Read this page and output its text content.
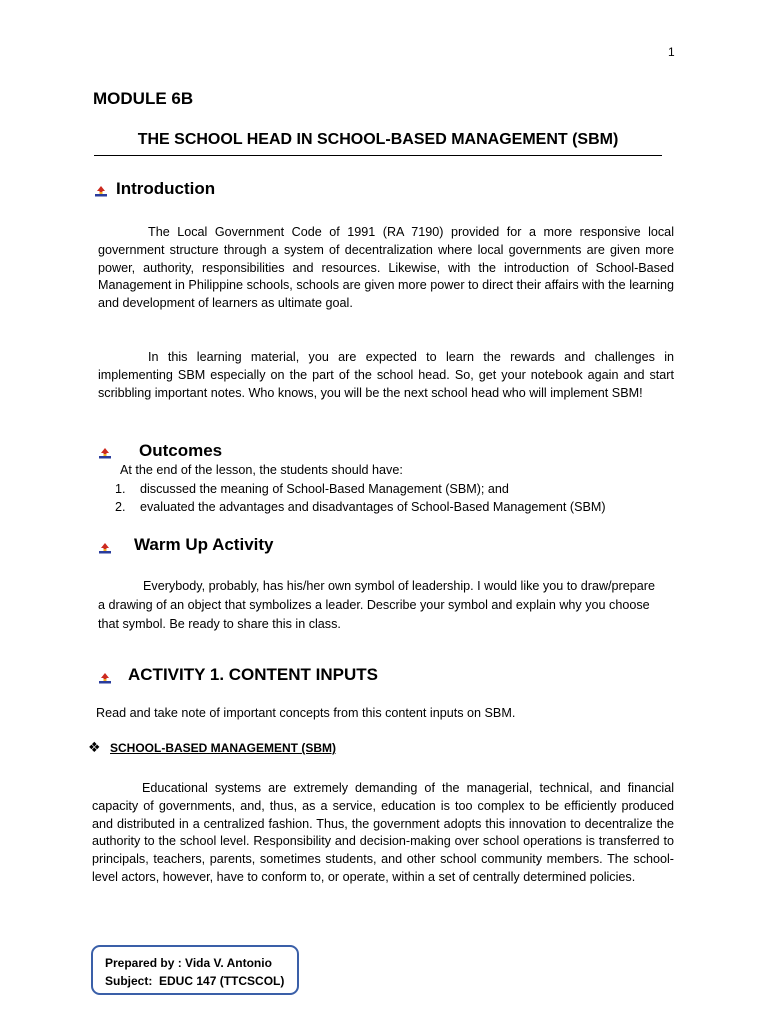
1
MODULE 6B
THE SCHOOL HEAD IN SCHOOL-BASED MANAGEMENT (SBM)
Introduction
The Local Government Code of 1991 (RA 7190) provided for a more responsive local government structure through a system of decentralization where local governments are given more power, authority, responsibilities and resources. Likewise, with the introduction of School-Based Management in Philippine schools, schools are given more power to direct their affairs with the learning and development of learners as ultimate goal.
In this learning material, you are expected to learn the rewards and challenges in implementing SBM especially on the part of the school head. So, get your notebook again and start scribbling important notes. Who knows, you will be the next school head who will implement SBM!
Outcomes
At the end of the lesson, the students should have:
1. discussed the meaning of School-Based Management (SBM); and
2. evaluated the advantages and disadvantages of School-Based Management (SBM)
Warm Up Activity
Everybody, probably, has his/her own symbol of leadership. I would like you to draw/prepare a drawing of an object that symbolizes a leader. Describe your symbol and explain why you choose that symbol. Be ready to share this in class.
ACTIVITY 1. CONTENT INPUTS
Read and take note of important concepts from this content inputs on SBM.
❖ SCHOOL-BASED MANAGEMENT (SBM)
Educational systems are extremely demanding of the managerial, technical, and financial capacity of governments, and, thus, as a service, education is too complex to be efficiently produced and distributed in a centralized fashion. Thus, the government adopts this innovation to decentralize the authority to the school level. Responsibility and decision-making over school operations is transferred to principals, teachers, parents, sometimes students, and other school community members. The school-level actors, however, have to conform to, or operate, within a set of centrally determined policies.
Prepared by : Vida V. Antonio
Subject:  EDUC 147 (TTCSCOL)
